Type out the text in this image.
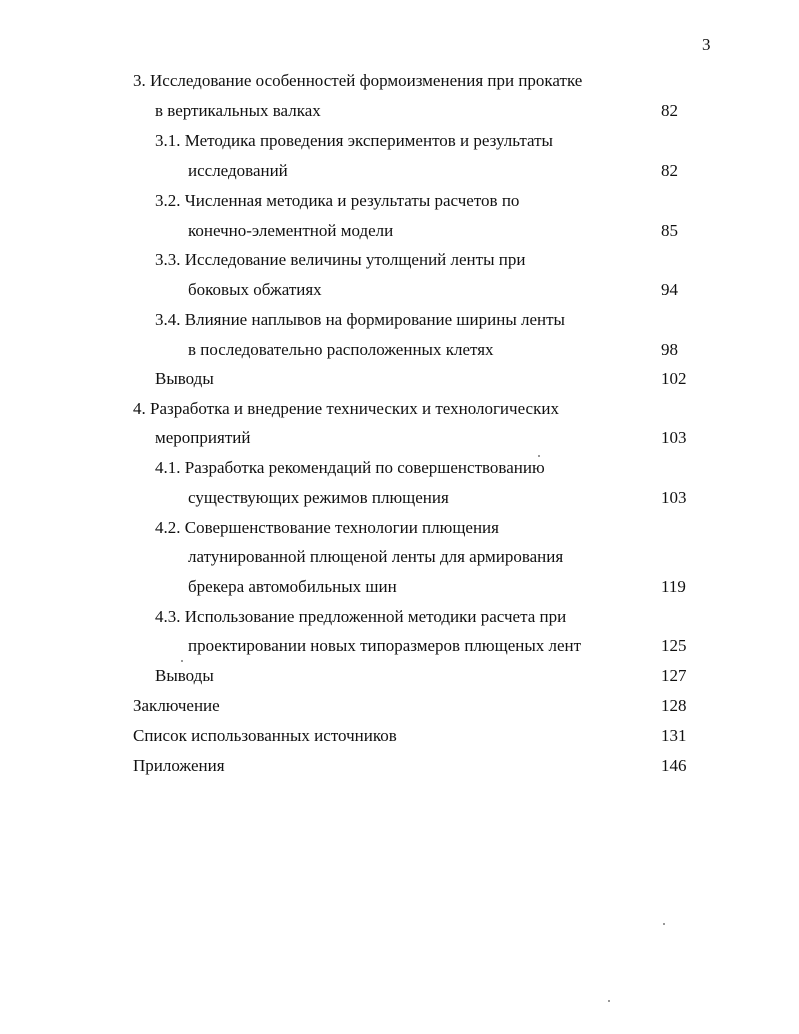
3
3. Исследование особенностей формоизменения при прокатке
в вертикальных валках	82
3.1. Методика проведения экспериментов и результаты
исследований	82
3.2. Численная методика и результаты расчетов по
конечно-элементной модели	85
3.3. Исследование величины утолщений ленты при
боковых обжатиях	94
3.4. Влияние наплывов на формирование ширины ленты
в последовательно расположенных клетях	98
Выводы	102
4. Разработка и внедрение технических и технологических
мероприятий	103
4.1. Разработка рекомендаций по совершенствованию
существующих режимов плющения	103
4.2. Совершенствование технологии плющения
латунированной плющеной ленты для армирования
брекера автомобильных шин	119
4.3. Использование предложенной методики расчета при
проектировании новых типоразмеров плющеных лент	125
Выводы	127
Заключение	128
Список использованных источников	131
Приложения	146
